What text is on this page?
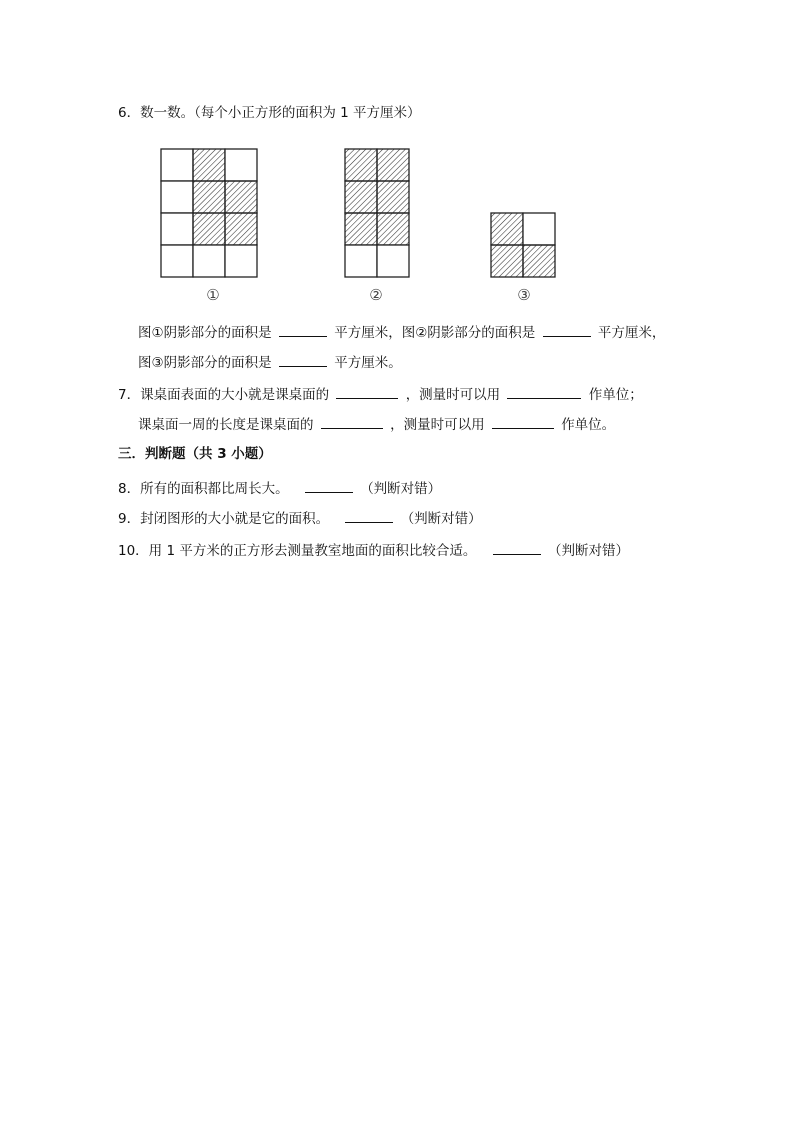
6．数一数。（每个小正方形的面积为 1 平方厘米）
①	②	③
图①阴影部分的面积是	平方厘米，图②阴影部分的面积是	平方厘米，
图③阴影部分的面积是	平方厘米。
7．课桌面表面的大小就是课桌面的	，测量时可以用	作单位；
课桌面一周的长度是课桌面的	，测量时可以用	作单位。
三．判断题（共 3 小题）
8．所有的面积都比周长大。	（判断对错）
9．封闭图形的大小就是它的面积。	（判断对错）
10．用 1 平方米的正方形去测量教室地面的面积比较合适。	（判断对错）
